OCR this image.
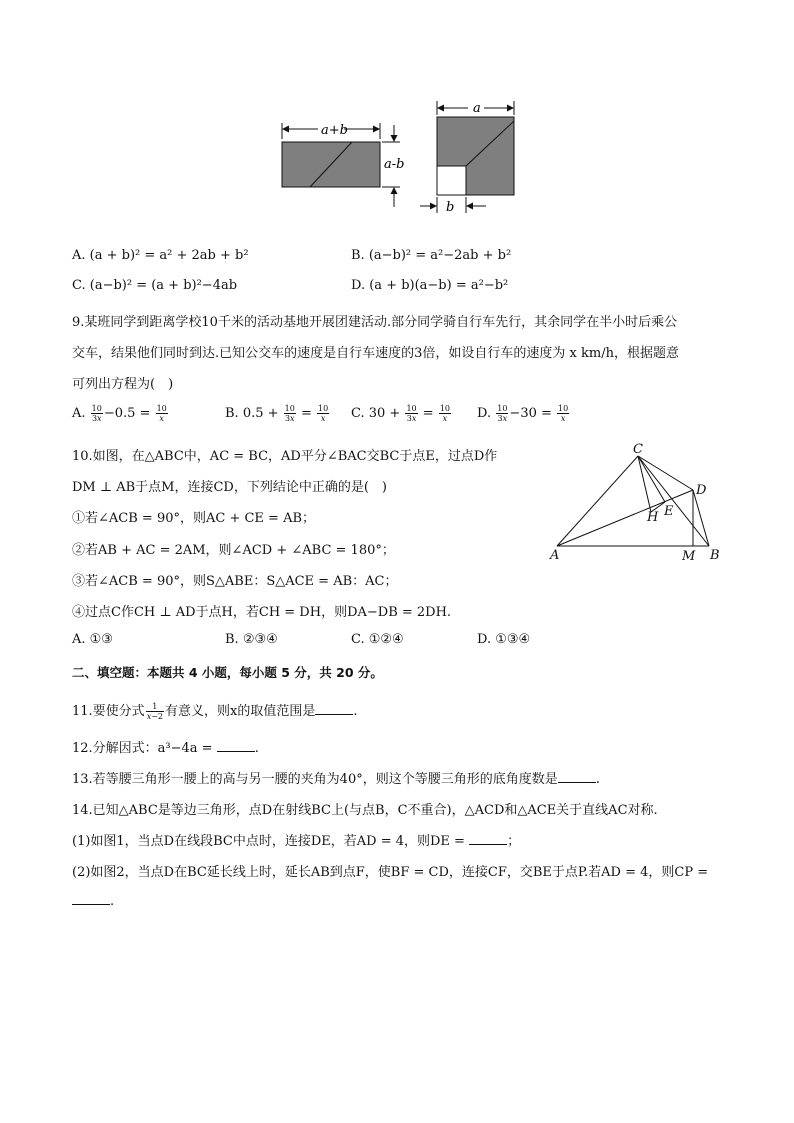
a+b
a-b
a
b
A. (a + b)² = a² + 2ab + b²	B. (a−b)² = a²−2ab + b²
C. (a−b)² = (a + b)²−4ab	D. (a + b)(a−b) = a²−b²
9.某班同学到距离学校10千米的活动基地开展团建活动.部分同学骑自行车先行，其余同学在半小时后乘公
交车，结果他们同时到达.已知公交车的速度是自行车速度的3倍，如设自行车的速度为 x km/h，根据题意
可列出方程为(　)
A. $\frac{10}{3x} -0.5 = \frac{10}{x}$	B. $0.5 + \frac{10}{3x} = \frac{10}{x} C$. $30 + \frac{10}{3x} = \frac{10}{x} D$. $\frac{10}{3x} -30 = \frac{10}{x}$
10.如图，在△ABC中，AC = BC，AD平分∠BAC交BC于点E，过点D作
DM ⊥ AB于点M，连接CD，下列结论中正确的是(　)
①若∠ACB = 90°，则AC + CE = AB；
②若AB + AC = 2AM，则∠ACD + ∠ABC = 180°；
③若∠ACB = 90°，则S△ABE：S△ACE = AB：AC；
④过点C作CH ⊥ AD于点H，若CH = DH，则DA−DB = 2DH.
A. ①③	B. ②③④	C. ①②④	D. ①③④
C
D
H E
A	M B
二、填空题：本题共 4 小题，每小题 5 分，共 20 分。
11.要使分式 $\frac{1}{x-2}$ 有意义，则x的取值范围是	.
12.分解因式：a³−4a =	.
13.若等腰三角形一腰上的高与另一腰的夹角为40°，则这个等腰三角形的底角度数是	.
14.已知△ABC是等边三角形，点D在射线BC上(与点B，C不重合)，△ACD和△ACE关于直线AC对称.
(1)如图1，当点D在线段BC中点时，连接DE，若AD = 4，则DE =	；
(2)如图2，当点D在BC延长线上时，延长AB到点F，使BF = CD，连接CF，交BE于点P.若AD = 4，则CP =
.
